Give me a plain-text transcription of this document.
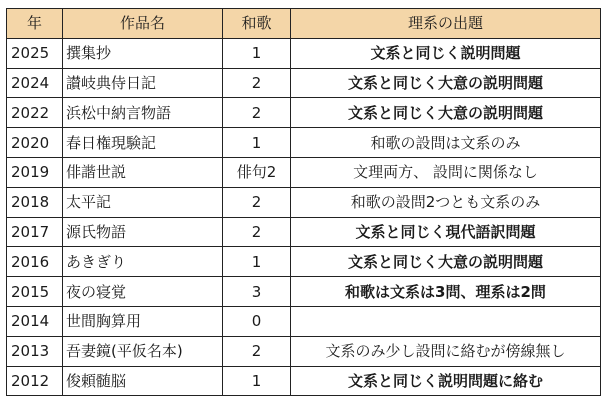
年	作品名	和歌	理系の出題
2025	撰集抄	1	文系と同じく説明問題
2024	讃岐典侍日記	2	文系と同じく大意の説明問題
2022	浜松中納言物語	2	文系と同じく大意の説明問題
2020	春日権現験記	1	和歌の設問は文系のみ
2019	俳諧世説	俳句2	文理両方、 設問に関係なし
2018	太平記	2	和歌の設問2つとも文系のみ
2017	源氏物語	2	文系と同じく現代語訳問題
2016	あきぎり	1	文系と同じく大意の説明問題
2015	夜の寝覚	3	和歌は文系は3問、理系は2問
2014	世間胸算用	0	
2013	吾妻鏡(平仮名本)	2	文系のみ少し設問に絡むが傍線無し
2012	俊頼髄脳	1	文系と同じく説明問題に絡む
